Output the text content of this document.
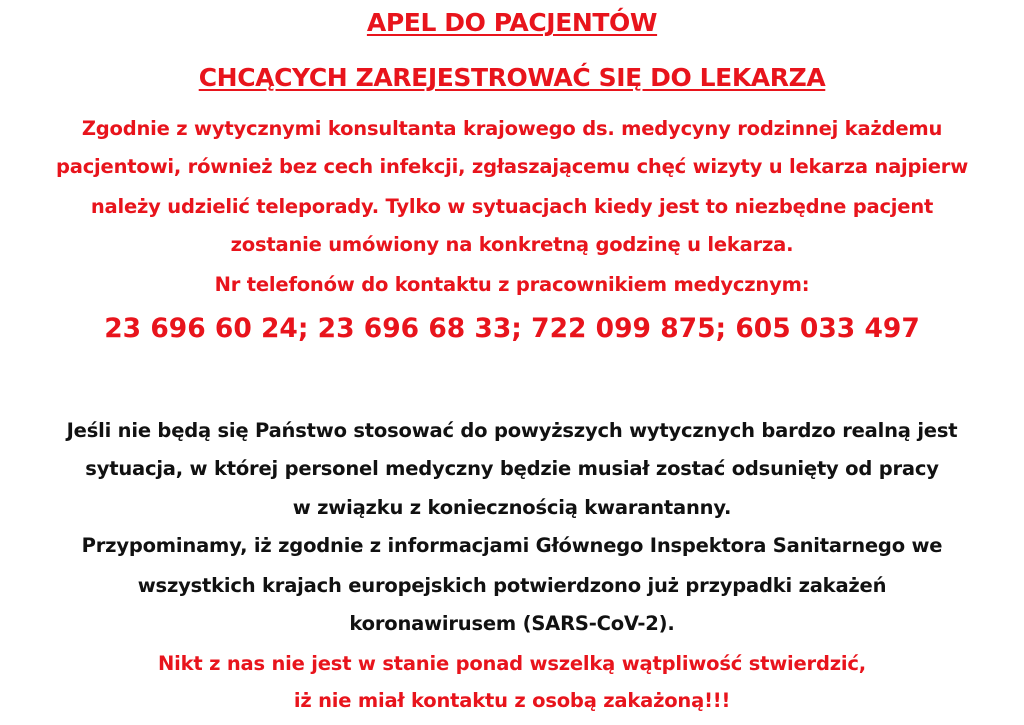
APEL DO PACJENTÓW
CHCĄCYCH ZAREJESTROWAĆ SIĘ DO LEKARZA
Zgodnie z wytycznymi konsultanta krajowego ds. medycyny rodzinnej każdemu
pacjentowi, również bez cech infekcji, zgłaszającemu chęć wizyty u lekarza najpierw
należy udzielić teleporady. Tylko w sytuacjach kiedy jest to niezbędne pacjent
zostanie umówiony na konkretną godzinę u lekarza.
Nr telefonów do kontaktu z pracownikiem medycznym:
23 696 60 24; 23 696 68 33; 722 099 875; 605 033 497
Jeśli nie będą się Państwo stosować do powyższych wytycznych bardzo realną jest
sytuacja, w której personel medyczny będzie musiał zostać odsunięty od pracy
w związku z koniecznością kwarantanny.
Przypominamy, iż zgodnie z informacjami Głównego Inspektora Sanitarnego we
wszystkich krajach europejskich potwierdzono już przypadki zakażeń
koronawirusem (SARS-CoV-2).
Nikt z nas nie jest w stanie ponad wszelką wątpliwość stwierdzić,
iż nie miał kontaktu z osobą zakażoną!!!
